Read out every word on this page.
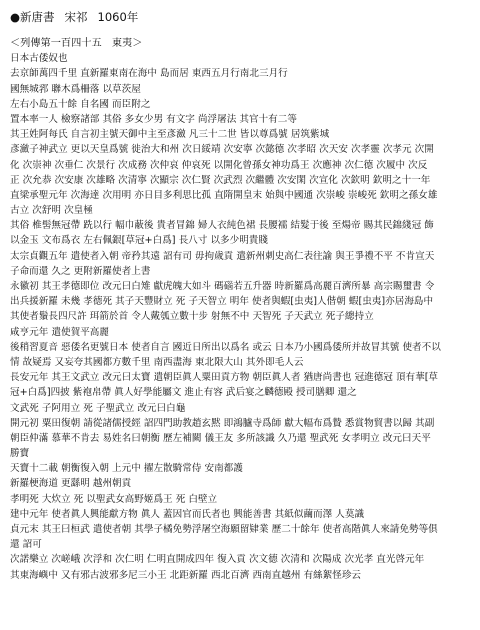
●新唐書 宋祁 1060年
＜列傳第一百四十五　東夷＞
日本古倭奴也
去京師萬四千里 直新羅東南在海中 島而居 東西五月行南北三月行
國無城郛 聯木爲柵落 以草茨屋
左右小島五十餘 自名國 而臣附之
置本率一人 檢察諸部 其俗 多女少男 有文字 尚浮屠法 其官十有二等
其王姓阿每氏 自言初主號天御中主至彥瀲 凡三十二世 皆以尊爲號 居筑紫城
彥瀲子神武立 更以天皇爲號 徙治大和州 次日綏靖 次安寧 次懿德 次孝昭 次天安 次孝靈 次孝元 次開
化 次崇神 次垂仁 次景行 次成務 次仲哀 仲哀死 以開化曾孫女神功爲王 次應神 次仁德 次履中 次反
正 次允恭 次安康 次雄略 次清寧 次顯宗 次仁賢 次武烈 次繼體 次安閑 次宣化 次欽明 欽明之十一年
直梁承聖元年 次海達 次用明 亦日目多利思比孤 直隋開皇末 始與中國通 次崇峻 崇峻死 欽明之孫女雄
古立 次舒明 次皇極
其俗 椎髻無冠帶 跣以行 幅巾蔽後 貴者冒錦 婦人衣純色裙 長腰襦 結髮于後 至煬帝 賜其民錦綫冠 飾
以金玉 文布爲衣 左右佩銀[草冠+白爲] 長八寸 以多少明貴賤
太宗貞觀五年 遣使者入朝 帝矜其遠 詔有司 毋拘歲貢 遣新州刺史高仁表往諭 與王爭禮不平 不肯宣天
子命而還 久之 更附新羅使者上書
永徽初 其王孝德即位 改元曰白雉 獻虎魄大如斗 碼碯若五升器 時新羅爲高麗百濟所暴 高宗賜璽書 令
出兵援新羅 未幾 孝德死 其子天豐財立 死 子天智立 明年 使者與蝦[虫夷]人偕朝 蝦[虫夷]亦居海島中
其使者鬚長四尺許 珥箭於首 令人戴瓠立數十步 射無不中 天智死 子天武立 死子總持立
咸亨元年 遣使賀平高麗
後稍習夏音 惡倭名更號日本 使者自言 國近日所出以爲名 或云 日本乃小國爲倭所并故冒其號 使者不以
情 故疑焉 又妄夸其國都方數千里 南西盡海 東北限大山 其外即毛人云
長安元年 其王文武立 改元曰太寶 遣朝臣眞人粟田貢方物 朝臣眞人者 猶唐尚書也 冠進德冠 頂有華[草
冠+白爲]四披 紫袍帛帶 眞人好學能屬文 進止有容 武后宴之麟德殿 授司膳卿 還之
文武死 子阿用立 死 子聖武立 改元曰白龜
開元初 粟田復朝 請從諸儒授經 詔四門助教趙玄黙 即鴻臚寺爲師 獻大幅布爲贄 悉賞物貿書以歸 其副
朝臣仲滿 慕華不肯去 易姓名曰朝衡 歷左補闕 儀王友 多所該識 久乃還 聖武死 女孝明立 改元曰天平
勝寶
天寶十二載 朝衡復入朝 上元中 擢左散騎常侍 安南都護
新羅梗海道 更繇明 越州朝貢
孝明死 大炊立 死 以聖武女高野姬爲王 死 白壁立
建中元年 使者眞人興能獻方物 眞人 蓋因官而氏者也 興能善書 其紙似繭而澤 人莫識
貞元末 其王曰桓武 遣使者朝 其學子橘免勢浮屠空海願留肄業 歷二十餘年 使者高階眞人來請免勢等俱
還 詔可
次諾樂立 次嵯峨 次浮和 次仁明 仁明直開成四年 復入貢 次文德 次清和 次陽成 次光孝 直光啓元年
其東海嶼中 又有邪古波邪多尼三小王 北距新羅 西北百濟 西南直越州 有絲絮怪珍云
